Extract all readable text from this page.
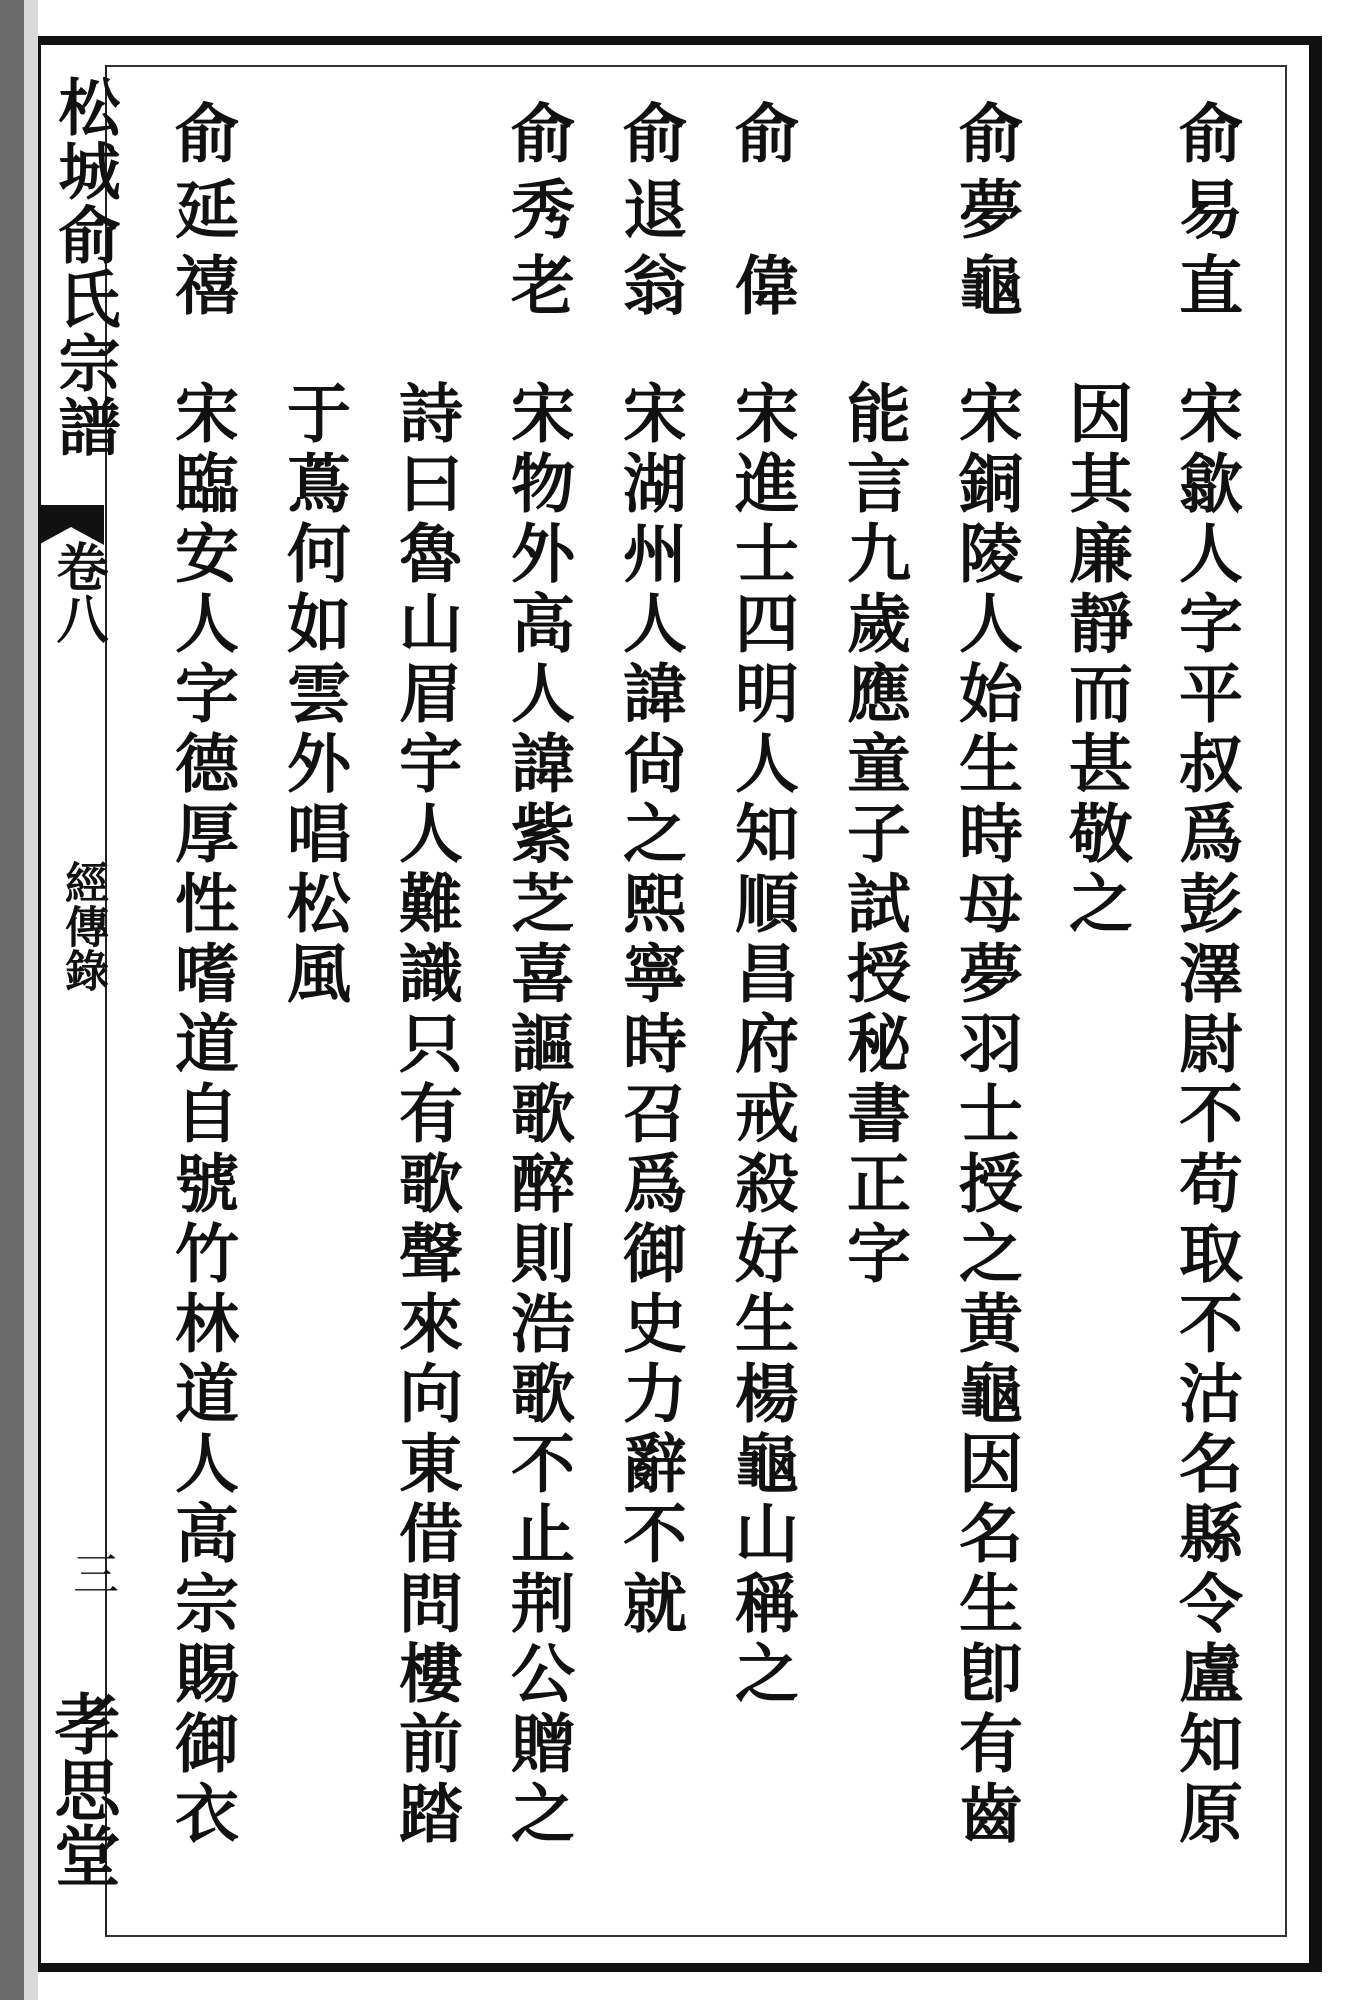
松城俞氏宗譜
卷八
經傳錄
三
孝思堂
俞易直
宋歙人字平叔爲彭澤尉不苟取不沽名縣令盧知原
因其廉靜而甚敬之
俞夢龜
宋銅陵人始生時母夢羽士授之黄龜因名生卽有齒
能言九歲應童子試授秘書正字
俞　偉
宋進士四明人知順昌府戒殺好生楊龜山稱之
俞退翁
宋湖州人諱尙之熙寧時召爲御史力辭不就
俞秀老
宋物外高人諱紫芝喜謳歌醉則浩歌不止荆公贈之
詩曰魯山眉宇人難識只有歌聲來向東借問樓前踏
于蔦何如雲外唱松風
俞延禧
宋臨安人字德厚性嗜道自號竹林道人高宗賜御衣
